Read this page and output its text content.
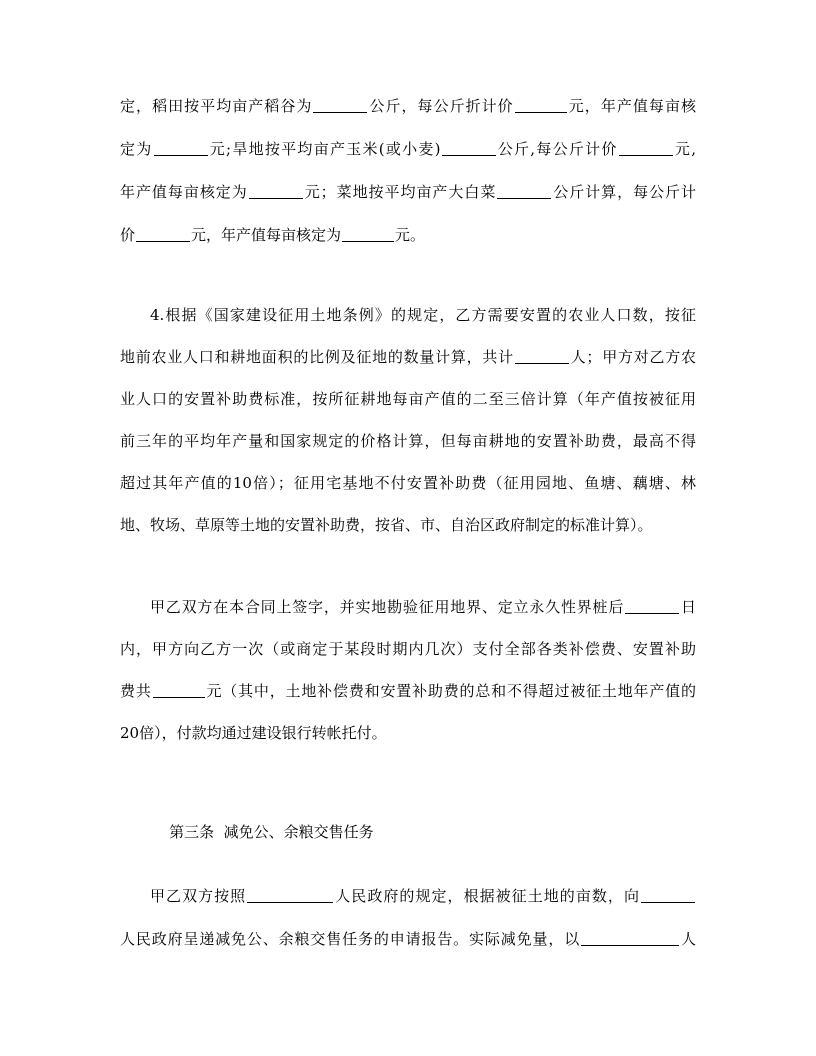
定，稻田按平均亩产稻谷为	公斤，每公斤折计价	元，年产值每亩核
定为	元;旱地按平均亩产玉米(或小麦)	公斤,每公斤计价	元,
年产值每亩核定为	元；菜地按平均亩产大白菜	公斤计算，每公斤计
价	元，年产值每亩核定为	元。
4.根据《国家建设征用土地条例》的规定，乙方需要安置的农业人口数，按征
地前农业人口和耕地面积的比例及征地的数量计算，共计	人；甲方对乙方农
业人口的安置补助费标准，按所征耕地每亩产值的二至三倍计算（年产值按被征用
前三年的平均年产量和国家规定的价格计算，但每亩耕地的安置补助费，最高不得
超过其年产值的10倍）；征用宅基地不付安置补助费（征用园地、鱼塘、藕塘、林
地、牧场、草原等土地的安置补助费，按省、市、自治区政府制定的标准计算）。
甲乙双方在本合同上签字，并实地勘验征用地界、定立永久性界桩后	日
内，甲方向乙方一次（或商定于某段时期内几次）支付全部各类补偿费、安置补助
费共	元（其中，土地补偿费和安置补助费的总和不得超过被征土地年产值的
20倍），付款均通过建设银行转帐托付。

第三条  减免公、余粮交售任务

甲乙双方按照	人民政府的规定，根据被征土地的亩数，向
人民政府呈递减免公、余粮交售任务的申请报告。实际减免量，以	人
